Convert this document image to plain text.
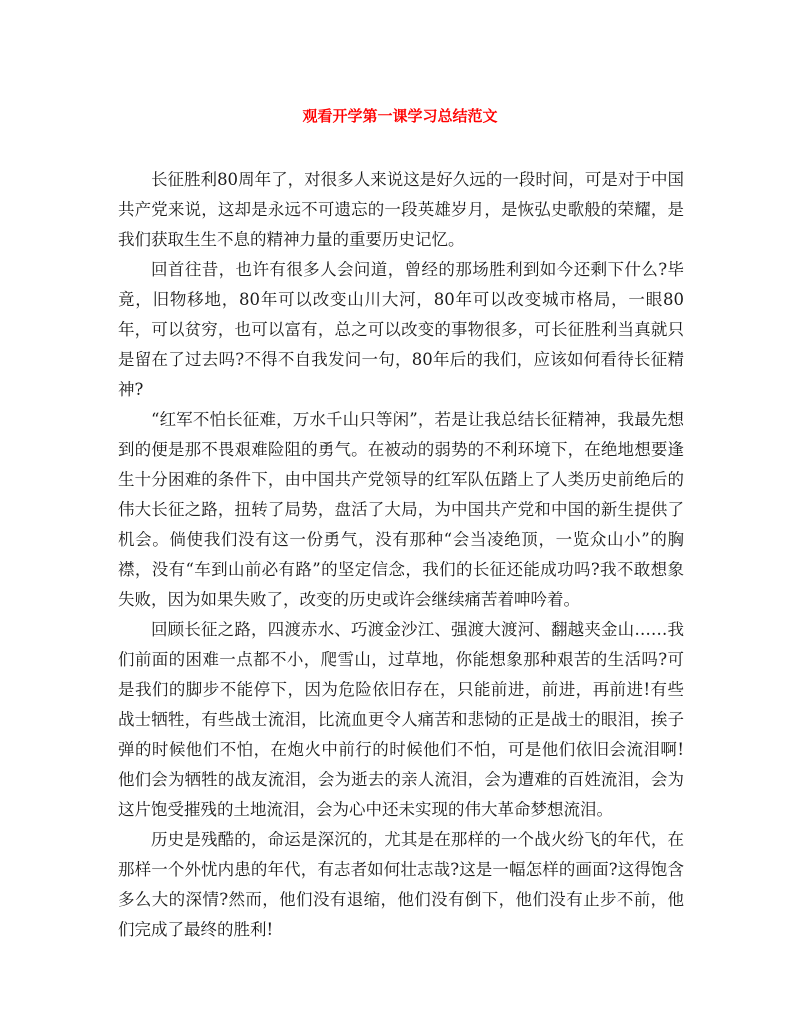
观看开学第一课学习总结范文

长征胜利80周年了，对很多人来说这是好久远的一段时间，可是对于中国共产党来说，这却是永远不可遗忘的一段英雄岁月，是恢弘史歌般的荣耀，是我们获取生生不息的精神力量的重要历史记忆。

回首往昔，也许有很多人会问道，曾经的那场胜利到如今还剩下什么?毕竟，旧物移地，80年可以改变山川大河，80年可以改变城市格局，一眼80年，可以贫穷，也可以富有，总之可以改变的事物很多，可长征胜利当真就只是留在了过去吗?不得不自我发问一句，80年后的我们，应该如何看待长征精神?

“红军不怕长征难，万水千山只等闲”，若是让我总结长征精神，我最先想到的便是那不畏艰难险阻的勇气。在被动的弱势的不利环境下，在绝地想要逢生十分困难的条件下，由中国共产党领导的红军队伍踏上了人类历史前绝后的伟大长征之路，扭转了局势，盘活了大局，为中国共产党和中国的新生提供了机会。倘使我们没有这一份勇气，没有那种“会当凌绝顶，一览众山小”的胸襟，没有“车到山前必有路”的坚定信念，我们的长征还能成功吗?我不敢想象失败，因为如果失败了，改变的历史或许会继续痛苦着呻吟着。

回顾长征之路，四渡赤水、巧渡金沙江、强渡大渡河、翻越夹金山……我们前面的困难一点都不小，爬雪山，过草地，你能想象那种艰苦的生活吗?可是我们的脚步不能停下，因为危险依旧存在，只能前进，前进，再前进!有些战士牺牲，有些战士流泪，比流血更令人痛苦和悲恸的正是战士的眼泪，挨子弹的时候他们不怕，在炮火中前行的时候他们不怕，可是他们依旧会流泪啊!他们会为牺牲的战友流泪，会为逝去的亲人流泪，会为遭难的百姓流泪，会为这片饱受摧残的土地流泪，会为心中还未实现的伟大革命梦想流泪。

历史是残酷的，命运是深沉的，尤其是在那样的一个战火纷飞的年代，在那样一个外忧内患的年代，有志者如何壮志哉?这是一幅怎样的画面?这得饱含多么大的深情?然而，他们没有退缩，他们没有倒下，他们没有止步不前，他们完成了最终的胜利!
